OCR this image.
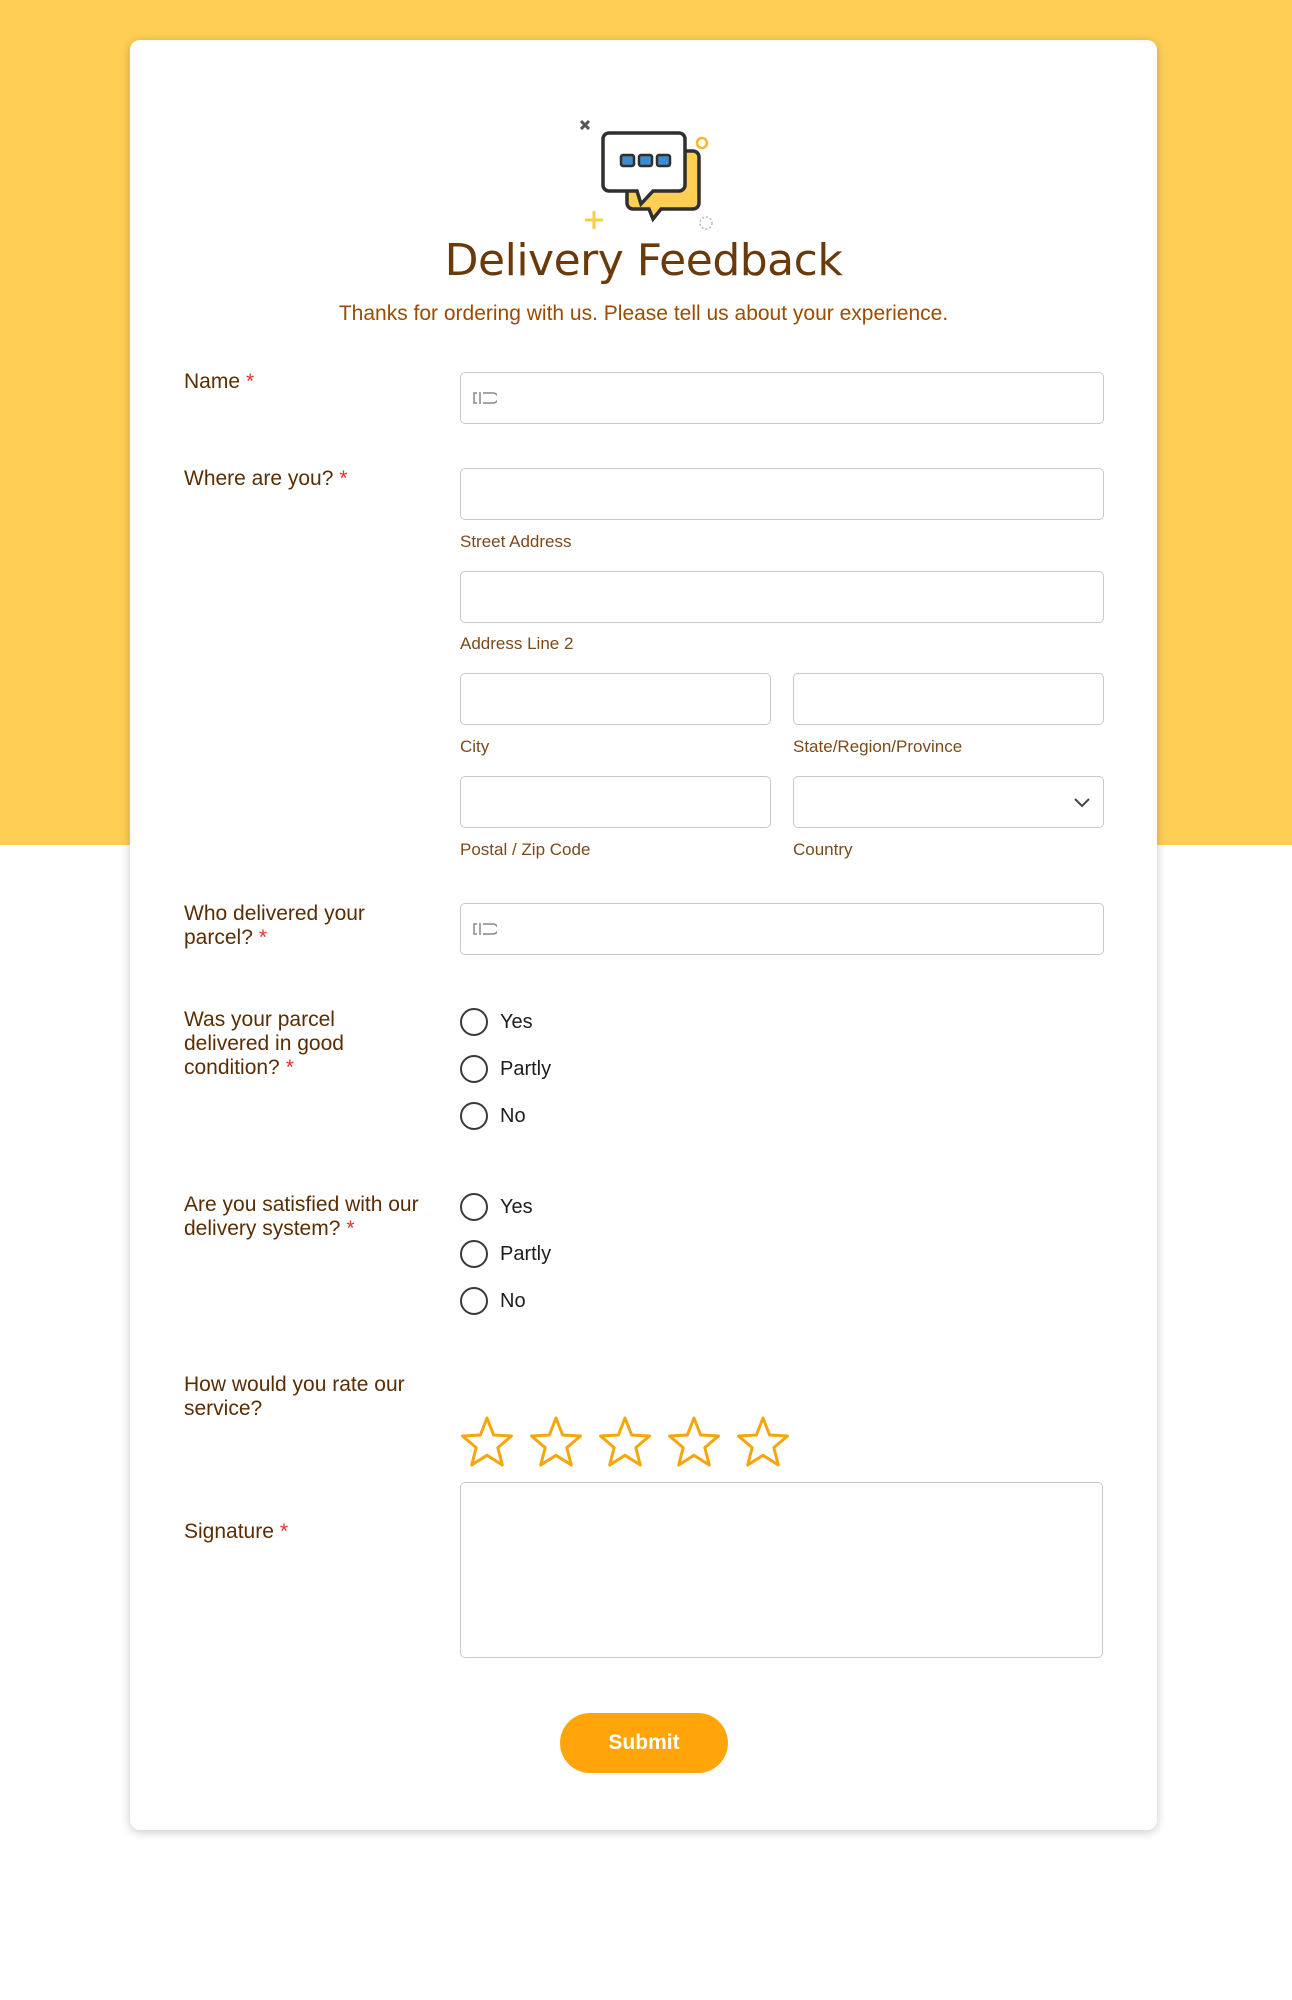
Delivery Feedback
Thanks for ordering with us. Please tell us about your experience.
Name *
Where are you? *
Street Address
Address Line 2
City	State/Region/Province
Postal / Zip Code	Country
Who delivered your parcel? *
Was your parcel delivered in good condition? *
Yes
Partly
No
Are you satisfied with our delivery system? *
Yes
Partly
No
How would you rate our service?
Signature *
Submit
